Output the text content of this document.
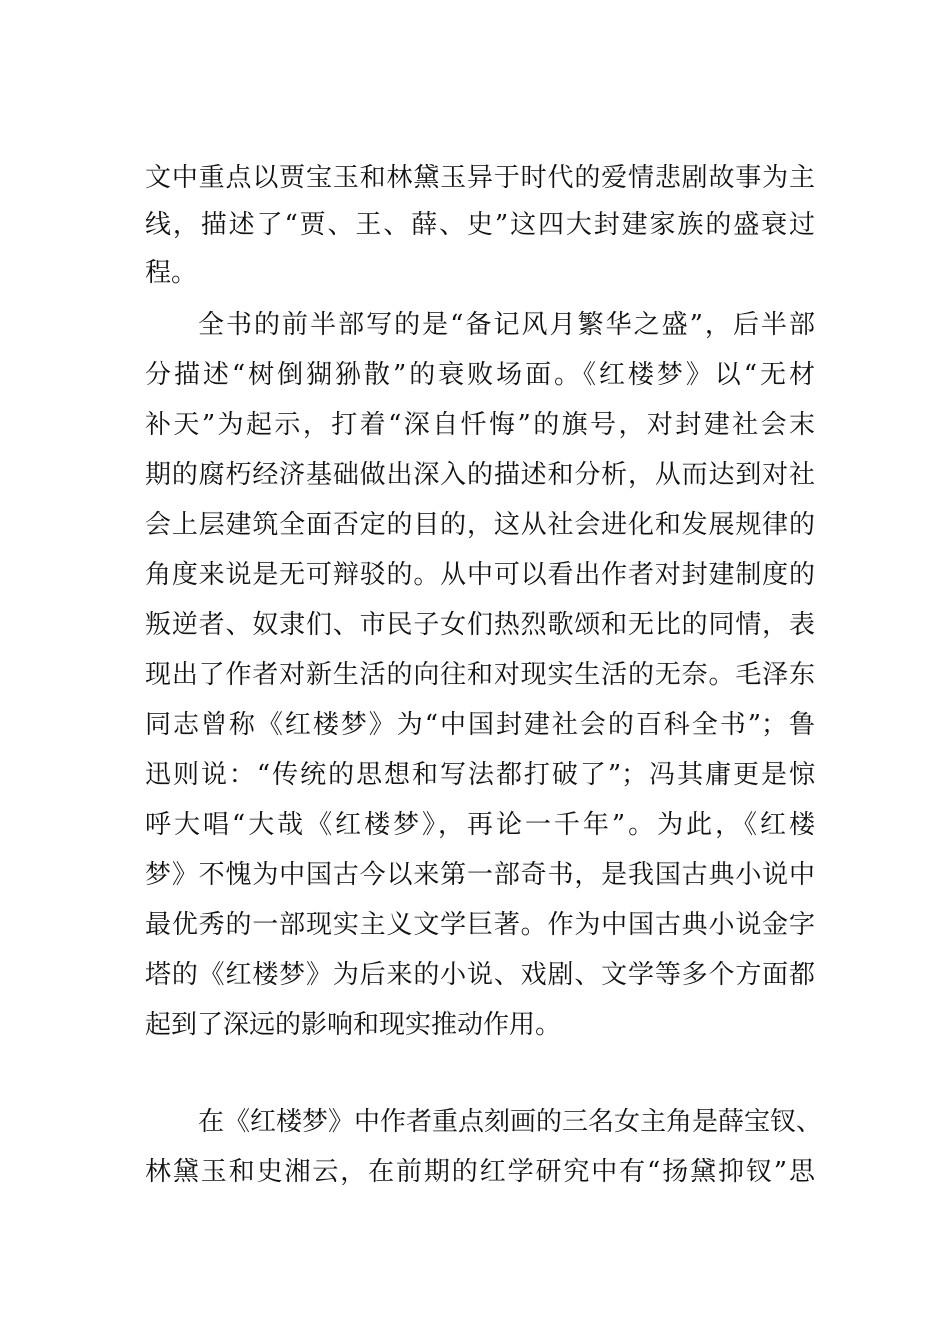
文中重点以贾宝玉和林黛玉异于时代的爱情悲剧故事为主
线，描述了“贾、王、薛、史”这四大封建家族的盛衰过
程。
全书的前半部写的是“备记风月繁华之盛”，后半部
分描述“树倒猢狲散”的衰败场面。《红楼梦》以“无材
补天”为起示，打着“深自忏悔”的旗号，对封建社会末
期的腐朽经济基础做出深入的描述和分析，从而达到对社
会上层建筑全面否定的目的，这从社会进化和发展规律的
角度来说是无可辩驳的。从中可以看出作者对封建制度的
叛逆者、奴隶们、市民子女们热烈歌颂和无比的同情，表
现出了作者对新生活的向往和对现实生活的无奈。毛泽东
同志曾称《红楼梦》为“中国封建社会的百科全书”；鲁
迅则说：“传统的思想和写法都打破了”；冯其庸更是惊
呼大唱“大哉《红楼梦》，再论一千年”。为此，《红楼
梦》不愧为中国古今以来第一部奇书，是我国古典小说中
最优秀的一部现实主义文学巨著。作为中国古典小说金字
塔的《红楼梦》为后来的小说、戏剧、文学等多个方面都
起到了深远的影响和现实推动作用。
在《红楼梦》中作者重点刻画的三名女主角是薛宝钗、
林黛玉和史湘云，在前期的红学研究中有“扬黛抑钗”思
